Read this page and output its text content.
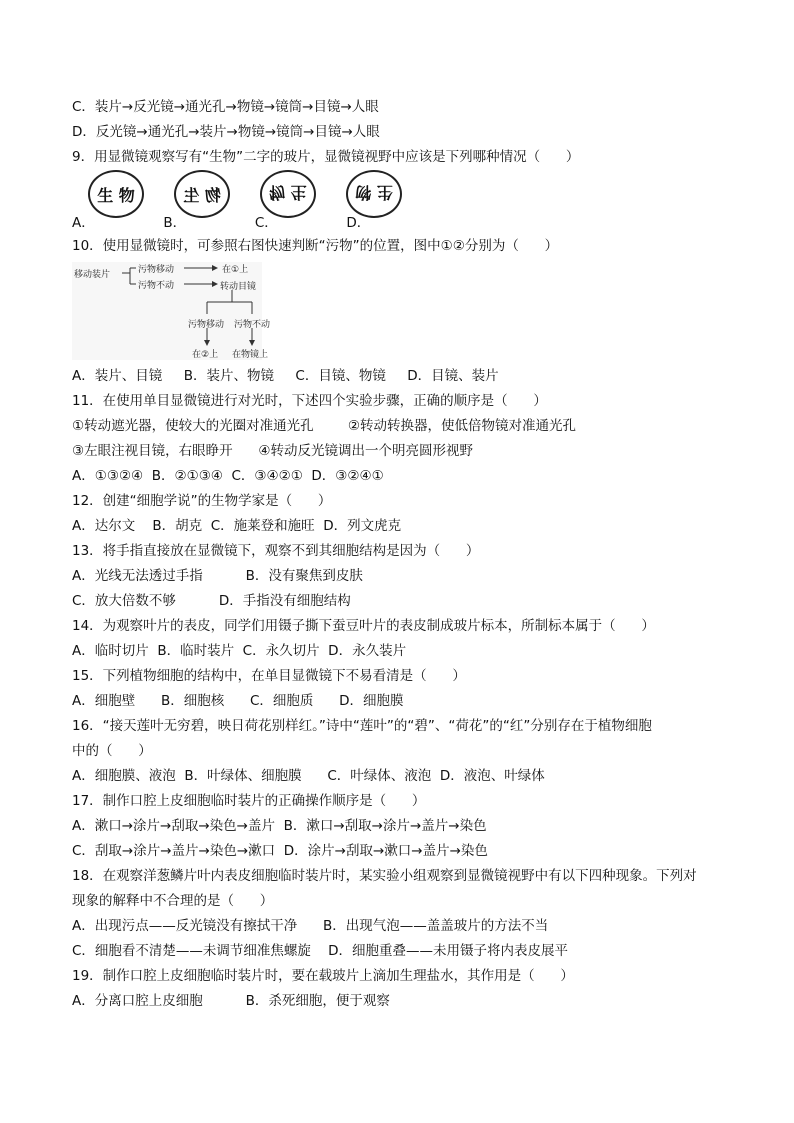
C．装片→反光镜→通光孔→物镜→镜筒→目镜→人眼
D．反光镜→通光孔→装片→物镜→镜筒→目镜→人眼
9．用显微镜观察写有“生物”二字的玻片，显微镜视野中应该是下列哪种情况（      ）
生 物	物 生	物 生	生 物
A．                B．                C．                D．
10．使用显微镜时，可参照右图快速判断“污物”的位置，图中①②分别为（      ）
移动装片	污物移动	在①上
污物不动	转动目镜
污物移动 污物不动
在②上 在物镜上
A．装片、目镜     B．装片、物镜     C．目镜、物镜     D．目镜、装片
11．在使用单目显微镜进行对光时，下述四个实验步骤，正确的顺序是（      ）
①转动遮光器，使较大的光圈对准通光孔        ②转动转换器，使低倍物镜对准通光孔
③左眼注视目镜，右眼睁开      ④转动反光镜调出一个明亮圆形视野
A．①③②④  B．②①③④  C．③④②①  D．③②④①
12．创建“细胞学说”的生物学家是（      ）
A．达尔文    B．胡克  C．施莱登和施旺  D．列文虎克
13．将手指直接放在显微镜下，观察不到其细胞结构是因为（      ）
A．光线无法透过手指          B．没有聚焦到皮肤
C．放大倍数不够          D．手指没有细胞结构
14．为观察叶片的表皮，同学们用镊子撕下蚕豆叶片的表皮制成玻片标本，所制标本属于（      ）
A．临时切片  B．临时装片  C．永久切片  D．永久装片
15．下列植物细胞的结构中，在单目显微镜下不易看清是（      ）
A．细胞壁      B．细胞核      C．细胞质      D．细胞膜
16．“接天莲叶无穷碧，映日荷花别样红。”诗中“莲叶”的“碧”、“荷花”的“红”分别存在于植物细胞
中的（      ）
A．细胞膜、液泡  B．叶绿体、细胞膜      C．叶绿体、液泡  D．液泡、叶绿体
17．制作口腔上皮细胞临时装片的正确操作顺序是（      ）
A．漱口→涂片→刮取→染色→盖片  B．漱口→刮取→涂片→盖片→染色
C．刮取→涂片→盖片→染色→漱口  D．涂片→刮取→漱口→盖片→染色
18．在观察洋葱鳞片叶内表皮细胞临时装片时，某实验小组观察到显微镜视野中有以下四种现象。下列对
现象的解释中不合理的是（      ）
A．出现污点——反光镜没有擦拭干净      B．出现气泡——盖盖玻片的方法不当
C．细胞看不清楚——未调节细准焦螺旋    D．细胞重叠——未用镊子将内表皮展平
19．制作口腔上皮细胞临时装片时，要在载玻片上滴加生理盐水，其作用是（      ）
A．分离口腔上皮细胞          B．杀死细胞，便于观察
